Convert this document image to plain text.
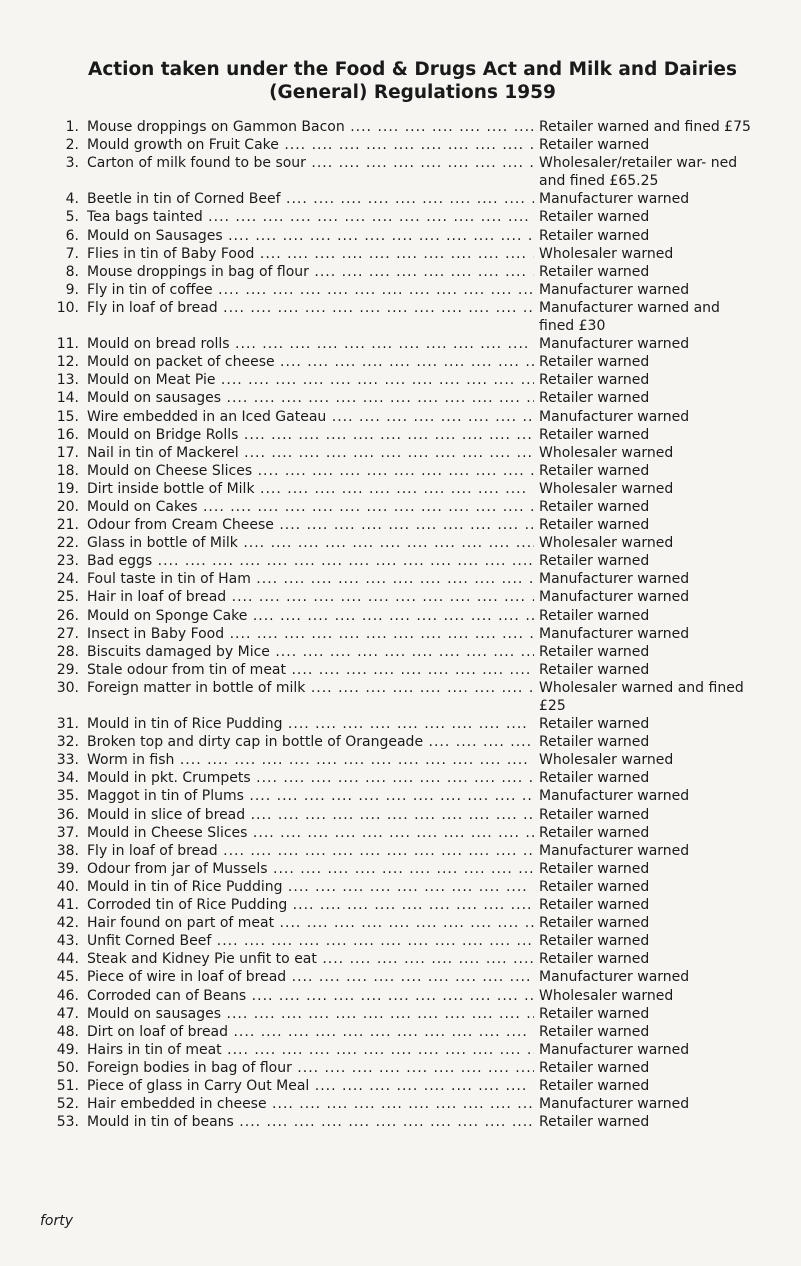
Action taken under the Food & Drugs Act and Milk and Dairies
(General) Regulations 1959
1. Mouse droppings on Gammon Bacon ....	Retailer warned and fined £75
2. Mould growth on Fruit Cake ....	Retailer warned
3. Carton of milk found to be sour ....	Wholesaler/retailer war- ned and fined £65.25
4. Beetle in tin of Corned Beef ....	Manufacturer warned
5. Tea bags tainted ....	Retailer warned
6. Mould on Sausages ....	Retailer warned
7. Flies in tin of Baby Food ....	Wholesaler warned
8. Mouse droppings in bag of flour ....	Retailer warned
9. Fly in tin of coffee ....	Manufacturer warned
10. Fly in loaf of bread ....	Manufacturer warned and fined £30
11. Mould on bread rolls ....	Manufacturer warned
12. Mould on packet of cheese ....	Retailer warned
13. Mould on Meat Pie ....	Retailer warned
14. Mould on sausages ....	Retailer warned
15. Wire embedded in an Iced Gateau ....	Manufacturer warned
16. Mould on Bridge Rolls ....	Retailer warned
17. Nail in tin of Mackerel ....	Wholesaler warned
18. Mould on Cheese Slices ....	Retailer warned
19. Dirt inside bottle of Milk ....	Wholesaler warned
20. Mould on Cakes ....	Retailer warned
21. Odour from Cream Cheese ....	Retailer warned
22. Glass in bottle of Milk ....	Wholesaler warned
23. Bad eggs ....	Retailer warned
24. Foul taste in tin of Ham ....	Manufacturer warned
25. Hair in loaf of bread ....	Manufacturer warned
26. Mould on Sponge Cake ....	Retailer warned
27. Insect in Baby Food ....	Manufacturer warned
28. Biscuits damaged by Mice ....	Retailer warned
29. Stale odour from tin of meat ....	Retailer warned
30. Foreign matter in bottle of milk ....	Wholesaler warned and fined £25
31. Mould in tin of Rice Pudding ....	Retailer warned
32. Broken top and dirty cap in bottle of Orangeade ....	Retailer warned
33. Worm in fish ....	Wholesaler warned
34. Mould in pkt. Crumpets ....	Retailer warned
35. Maggot in tin of Plums ....	Manufacturer warned
36. Mould in slice of bread ....	Retailer warned
37. Mould in Cheese Slices ....	Retailer warned
38. Fly in loaf of bread ....	Manufacturer warned
39. Odour from jar of Mussels ....	Retailer warned
40. Mould in tin of Rice Pudding ....	Retailer warned
41. Corroded tin of Rice Pudding ....	Retailer warned
42. Hair found on part of meat ....	Retailer warned
43. Unfit Corned Beef ....	Retailer warned
44. Steak and Kidney Pie unfit to eat ....	Retailer warned
45. Piece of wire in loaf of bread ....	Manufacturer warned
46. Corroded can of Beans ....	Wholesaler warned
47. Mould on sausages ....	Retailer warned
48. Dirt on loaf of bread ....	Retailer warned
49. Hairs in tin of meat ....	Manufacturer warned
50. Foreign bodies in bag of flour ....	Retailer warned
51. Piece of glass in Carry Out Meal ....	Retailer warned
52. Hair embedded in cheese ....	Manufacturer warned
53. Mould in tin of beans ....	Retailer warned
forty
